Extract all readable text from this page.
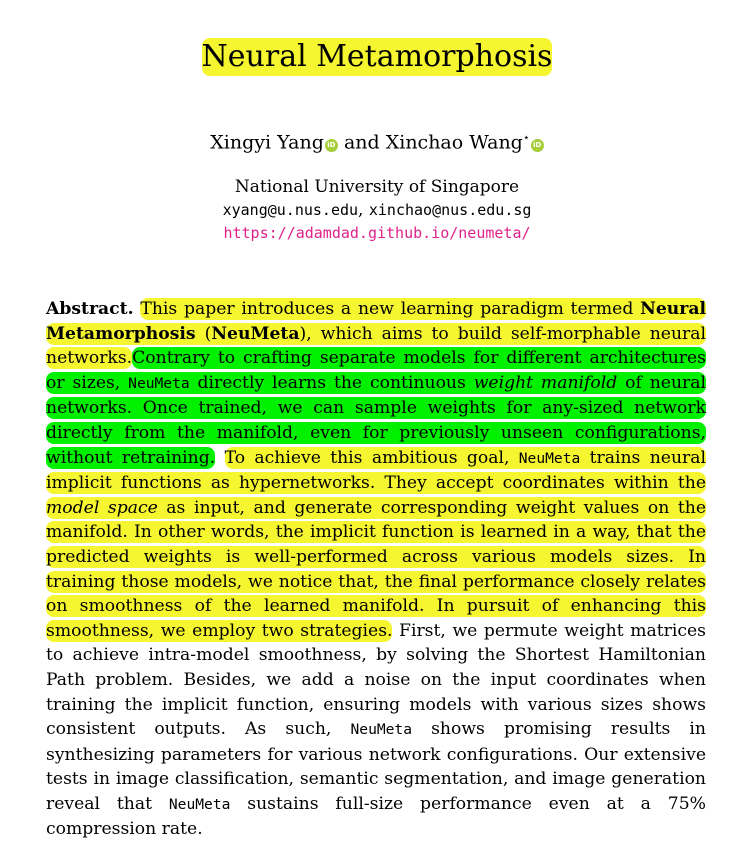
Neural Metamorphosis
Xingyi Yang iD and Xinchao Wang⋆iD
National University of Singapore
xyang@u.nus.edu, xinchao@nus.edu.sg
https://adamdad.github.io/neumeta/
Abstract. This paper introduces a new learning paradigm termed Neural Metamorphosis (NeuMeta), which aims to build self-morphable neural networks.Contrary to crafting separate models for different architectures or sizes, NeuMeta directly learns the continuous weight manifold of neural networks. Once trained, we can sample weights for any-sized network directly from the manifold, even for previously unseen configurations, without retraining. To achieve this ambitious goal, NeuMeta trains neural implicit functions as hypernetworks. They accept coordinates within the model space as input, and generate corresponding weight values on the manifold. In other words, the implicit function is learned in a way, that the predicted weights is well-performed across various models sizes. In training those models, we notice that, the final performance closely relates on smoothness of the learned manifold. In pursuit of enhancing this smoothness, we employ two strategies. First, we permute weight matrices to achieve intra-model smoothness, by solving the Shortest Hamiltonian Path problem. Besides, we add a noise on the input coordinates when training the implicit function, ensuring models with various sizes shows consistent outputs. As such, NeuMeta shows promising results in synthesizing parameters for various network configurations. Our extensive tests in image classification, semantic segmentation, and image generation reveal that NeuMeta sustains full-size performance even at a 75% compression rate.
